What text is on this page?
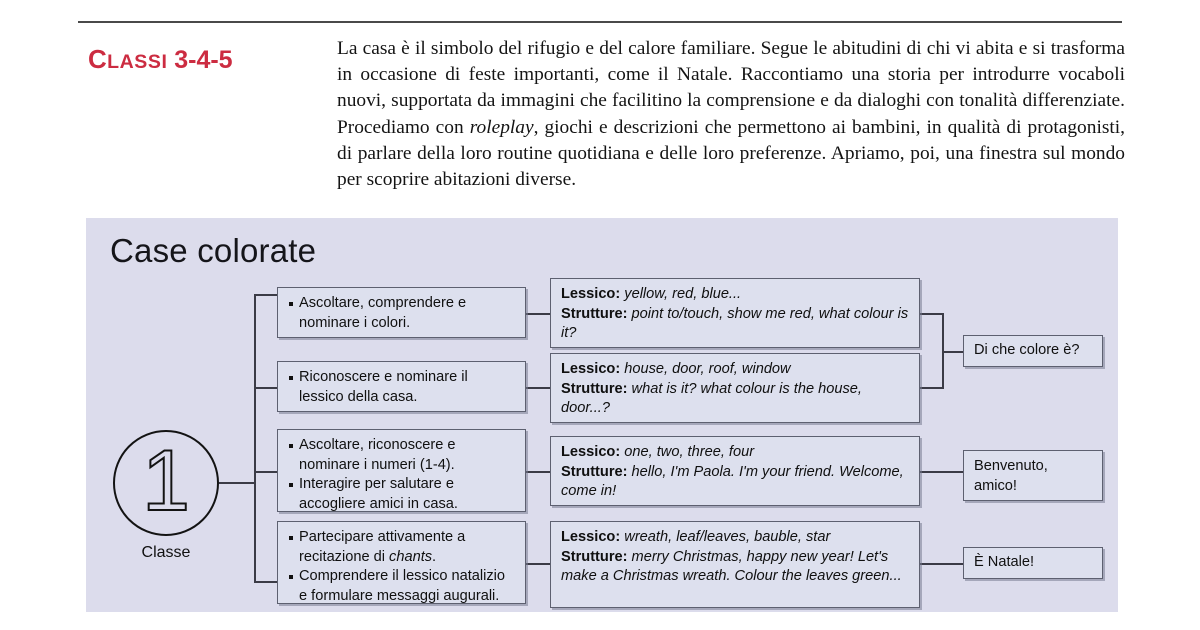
CLASSI 3-4-5	La casa è il simbolo del rifugio e del calore familiare. Segue le abitudini di chi vi abita e si trasforma in occasione di feste importanti, come il Natale. Raccontiamo una storia per introdurre vocaboli nuovi, supportata da immagini che facilitino la comprensione e da dialoghi con tonalità differenziate. Procediamo con roleplay, giochi e descrizioni che permettono ai bambini, in qualità di protagonisti, di parlare della loro routine quotidiana e delle loro preferenze. Apriamo, poi, una finestra sul mondo per scoprire abitazioni diverse.
Case colorate
1
Classe
Ascoltare, comprendere e nominare i colori.
Riconoscere e nominare il lessico della casa.
Ascoltare, riconoscere e nominare i numeri (1-4).
Interagire per salutare e accogliere amici in casa.
Partecipare attivamente a recitazione di chants.
Comprendere il lessico natalizio e formulare messaggi augurali.
Lessico: yellow, red, blue...
Strutture: point to/touch, show me red, what colour is it?
Lessico: house, door, roof, window
Strutture: what is it? what colour is the house, door...?
Lessico: one, two, three, four
Strutture: hello, I'm Paola. I'm your friend. Welcome, come in!
Lessico: wreath, leaf/leaves, bauble, star
Strutture: merry Christmas, happy new year! Let's make a Christmas wreath. Colour the leaves green...
Di che colore è?
Benvenuto,
amico!
È Natale!
